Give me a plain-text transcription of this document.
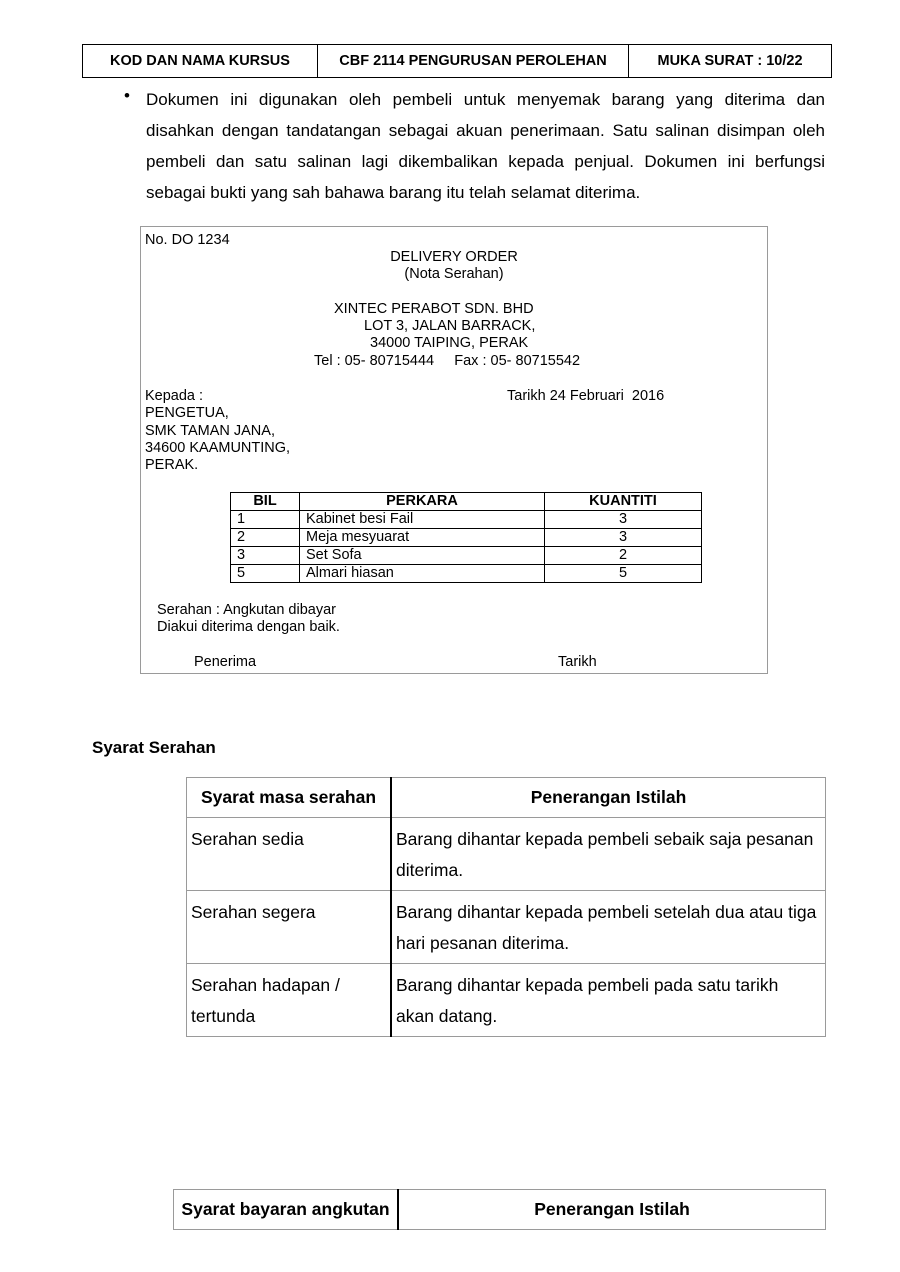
KOD DAN NAMA KURSUS	CBF 2114 PENGURUSAN PEROLEHAN	MUKA SURAT : 10/22
• Dokumen ini digunakan oleh pembeli untuk menyemak barang yang diterima dan disahkan dengan tandatangan sebagai akuan penerimaan. Satu salinan disimpan oleh pembeli dan satu salinan lagi dikembalikan kepada penjual. Dokumen ini berfungsi sebagai bukti yang sah bahawa barang itu telah selamat diterima.

No. DO 1234
DELIVERY ORDER
(Nota Serahan)
XINTEC PERABOT SDN. BHD
LOT 3, JALAN BARRACK,
34000 TAIPING, PERAK
Tel : 05- 80715444     Fax : 05- 80715542
Kepada :	Tarikh 24 Februari  2016
PENGETUA,
SMK TAMAN JANA,
34600 KAAMUNTING,
PERAK.
BIL	PERKARA	KUANTITI
1	Kabinet besi Fail	3
2	Meja mesyuarat	3
3	Set Sofa	2
5	Almari hiasan	5
Serahan : Angkutan dibayar
Diakui diterima dengan baik.
Penerima	Tarikh
Syarat Serahan
Syarat masa serahan	Penerangan Istilah
Serahan sedia	Barang dihantar kepada pembeli sebaik saja pesanan diterima.
Serahan segera	Barang dihantar kepada pembeli setelah dua atau tiga hari pesanan diterima.
Serahan hadapan / tertunda	Barang dihantar kepada pembeli pada satu tarikh akan datang.
Syarat bayaran angkutan	Penerangan Istilah
